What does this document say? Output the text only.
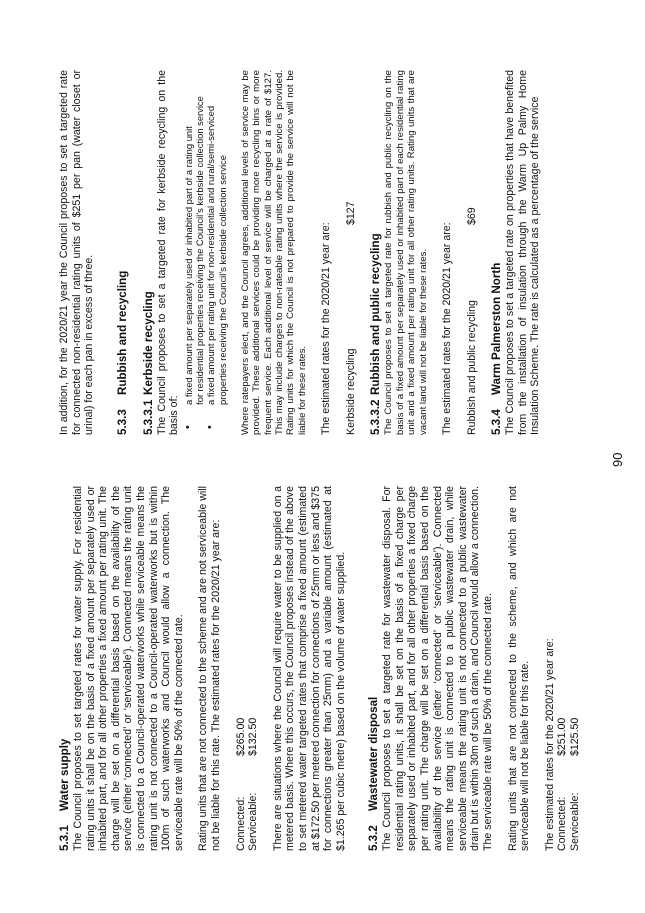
5.3.1Water supply The Council proposes to set targeted rates for water supply. For residential rating units it shall be on the basis of a fixed amount per separately used or inhabited part, and for all other properties a fixed amount per rating unit. The charge will be set on a differential basis based on the availability of the service (either ‘connected’ or ‘serviceable’). Connected means the rating unit is connected to a Council-operated waterworks while serviceable means the rating unit is not connected to a Council-operated waterworks but is within 100m of such waterworks and Council would allow a connection. The serviceable rate will be 50% of the connected rate. Rating units that are not connected to the scheme and are not serviceable will not be liable for this rate. The estimated rates for the 2020/21 year are: Connected:
$265.00
Serviceable:
$132.50 There are situations where the Council will require water to be supplied on a metered basis. Where this occurs, the Council proposes instead of the above to set metered water targeted rates that comprise a fixed amount (estimated at $172.50 per metered connection for connections of 25mm or less and $375 for connections greater than 25mm) and a variable amount (estimated at $1.265 per cubic metre) based on the volume of water supplied. 5.3.2Wastewater disposal The Council proposes to set a targeted rate for wastewater disposal. For residential rating units, it shall be set on the basis of a fixed charge per separately used or inhabited part, and for all other properties a fixed charge per rating unit. The charge will be set on a differential basis based on the availability of the service (either ‘connected’ or ‘serviceable’). Connected means the rating unit is connected to a public wastewater drain, while serviceable means the rating unit is not connected to a public wastewater drain but is within 30m of such a drain, and Council would allow a connection. The serviceable rate will be 50% of the connected rate. Rating units that are not connected to the scheme, and which are not serviceable will not be liable for this rate. The estimated rates for the 2020/21 year are: Connected:
$251.00
Serviceable:
$125.50

In addition, for the 2020/21 year the Council proposes to set a targeted rate for connected non-residential rating units of $251 per pan (water closet or urinal) for each pan in excess of three. 5.3.3Rubbish and recycling
5.3.3.1Kerbside recycling The Council proposes to set a targeted rate for kerbside recycling on the basis of: •
a fixed amount per separately used or inhabited part of a rating unit
for residential properties receiving the Council’s kerbside collection service
•
a fixed amount per rating unit for non-residential and rural/semi-serviced
properties receiving the Council’s kerbside collection service Where ratepayers elect, and the Council agrees, additional levels of service may be provided. These additional services could be providing more recycling bins or more frequent service. Each additional level of service will be charged at a rate of $127. This may include charges to non-rateable rating units where the service is provided. Rating units for which the Council is not prepared to provide the service will not be liable for these rates. The estimated rates for the 2020/21 year are: Kerbside recycling
$127
5.3.3.2Rubbish and public recycling The Council proposes to set a targeted rate for rubbish and public recycling on the basis of a fixed amount per separately used or inhabited part of each residential rating unit and a fixed amount per rating unit for all other rating units. Rating units that are vacant land will not be liable for these rates. The estimated rates for the 2020/21 year are: Rubbish and public recycling
$69
5.3.4Warm Palmerston North The Council proposes to set a targeted rate on properties that have benefited from the installation of insulation through the Warm Up Palmy Home Insulation Scheme. The rate is calculated as a percentage of the service

90
